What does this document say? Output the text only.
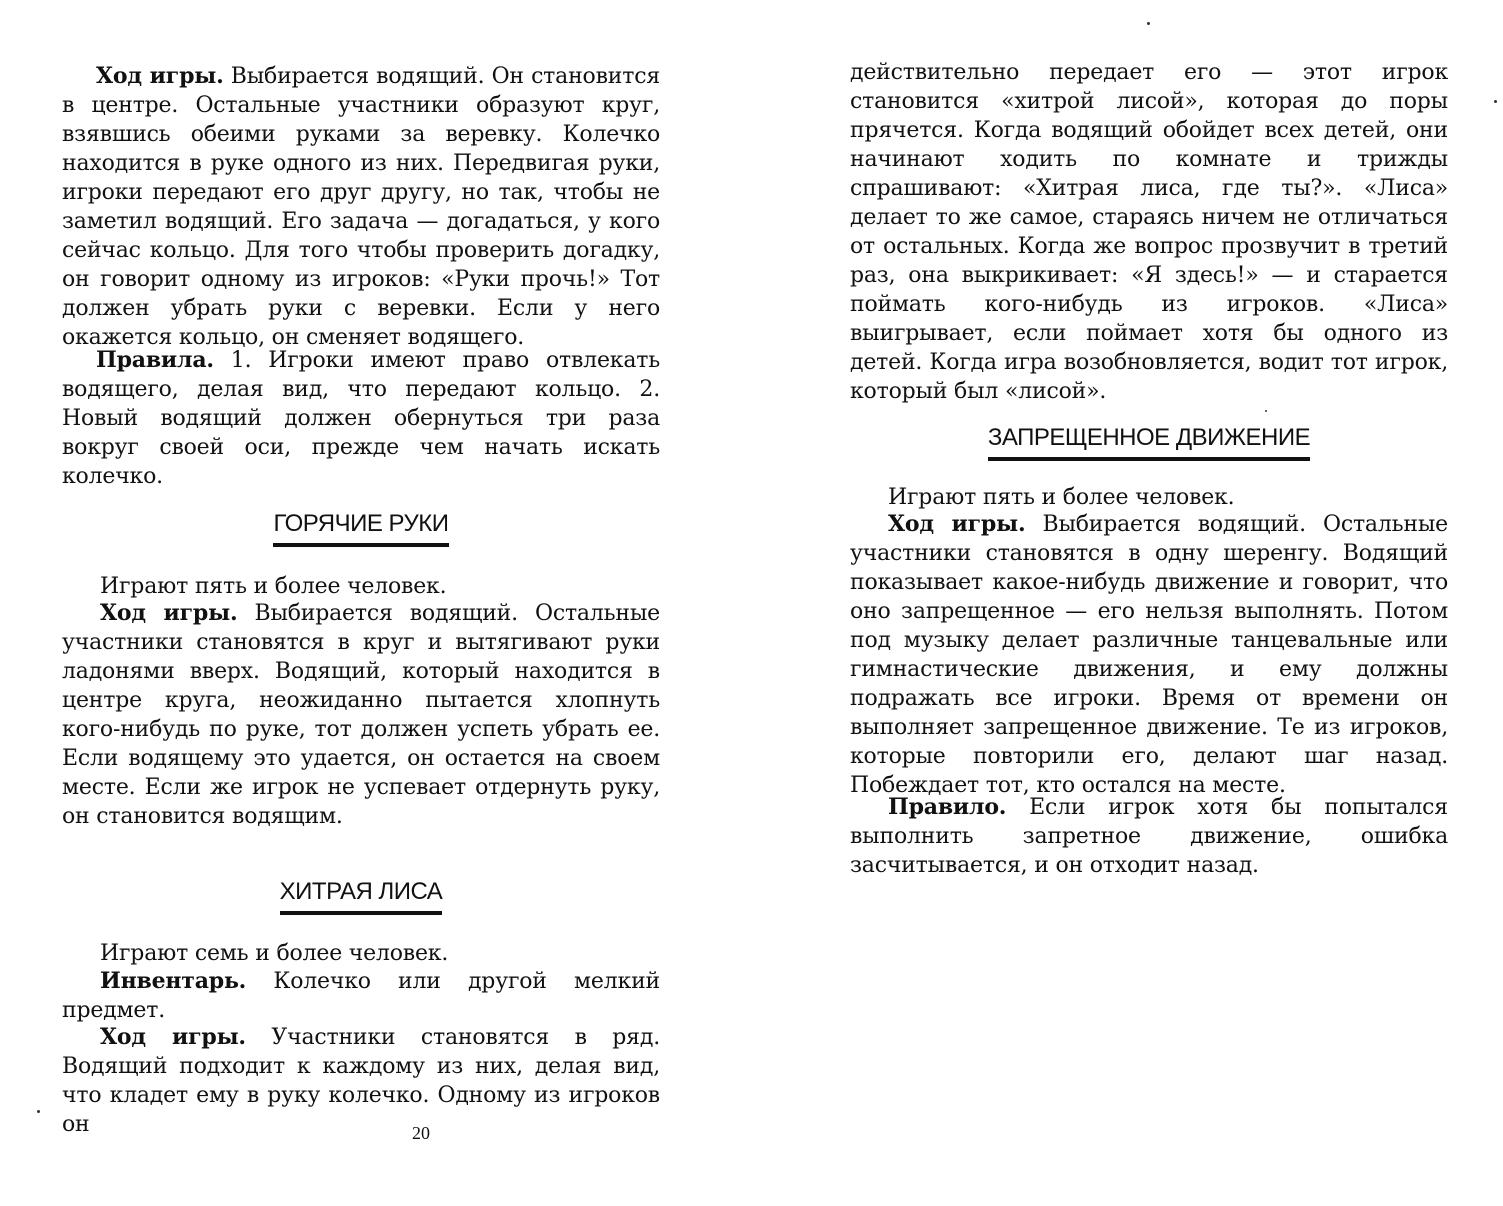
Ход игры. Выбирается водящий. Он становится в центре. Остальные участники образуют круг, взявшись обеими руками за веревку. Колечко находится в руке одного из них. Передвигая руки, игроки передают его друг другу, но так, чтобы не заметил водящий. Его задача — догадаться, у кого сейчас кольцо. Для того чтобы проверить догадку, он говорит одному из игроков: «Руки прочь!» Тот должен убрать руки с веревки. Если у него окажется кольцо, он сменяет водящего.

Правила. 1. Игроки имеют право отвлекать водящего, делая вид, что передают кольцо. 2. Новый водящий должен обернуться три раза вокруг своей оси, прежде чем начать искать колечко.

ГОРЯЧИЕ РУКИ

Играют пять и более человек.

Ход игры. Выбирается водящий. Остальные участники становятся в круг и вытягивают руки ладонями вверх. Водящий, который находится в центре круга, неожиданно пытается хлопнуть кого-нибудь по руке, тот должен успеть убрать ее. Если водящему это удается, он остается на своем месте. Если же игрок не успевает отдернуть руку, он становится водящим.

ХИТРАЯ ЛИСА

Играют семь и более человек.

Инвентарь. Колечко или другой мелкий предмет.

Ход игры. Участники становятся в ряд. Водящий подходит к каждому из них, делая вид, что кладет ему в руку колечко. Одному из игроков он	20

действительно передает его — этот игрок становится «хитрой лисой», которая до поры прячется. Когда водящий обойдет всех детей, они начинают ходить по комнате и трижды спрашивают: «Хитрая лиса, где ты?». «Лиса» делает то же самое, стараясь ничем не отличаться от остальных. Когда же вопрос прозвучит в третий раз, она выкрикивает: «Я здесь!» — и старается поймать кого-нибудь из игроков. «Лиса» выигрывает, если поймает хотя бы одного из детей. Когда игра возобновляется, водит тот игрок, который был «лисой».

ЗАПРЕЩЕННОЕ ДВИЖЕНИЕ

Играют пять и более человек.

Ход игры. Выбирается водящий. Остальные участники становятся в одну шеренгу. Водящий показывает какое-нибудь движение и говорит, что оно запрещенное — его нельзя выполнять. Потом под музыку делает различные танцевальные или гимнастические движения, и ему должны подражать все игроки. Время от времени он выполняет запрещенное движение. Те из игроков, которые повторили его, делают шаг назад. Побеждает тот, кто остался на месте.

Правило. Если игрок хотя бы попытался выполнить запретное движение, ошибка засчитывается, и он отходит назад.
